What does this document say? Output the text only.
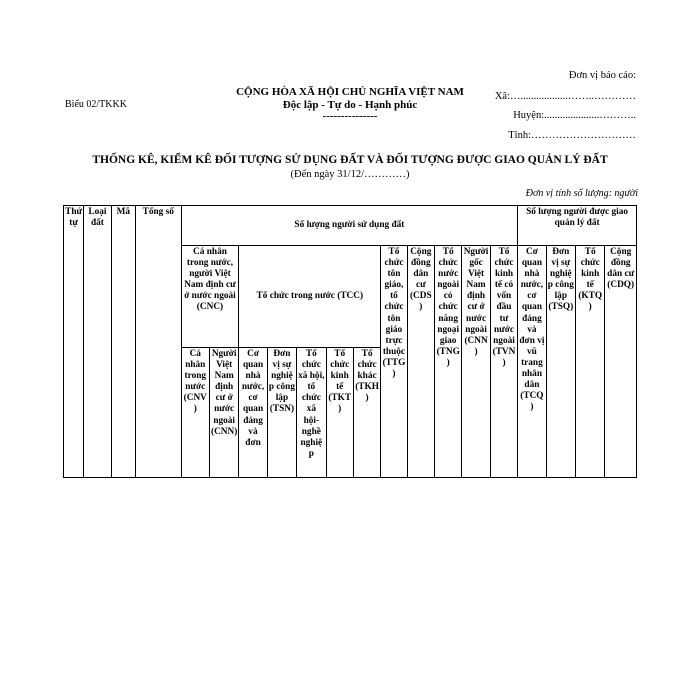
Biểu 02/TKKK
CỘNG HÒA XÃ HỘI CHỦ NGHĨA VIỆT NAM
Độc lập - Tự do - Hạnh phúc
---------------
Đơn vị báo cáo:
Xã:…..................……..…………
Huyện:.....................………..
Tỉnh:…………………………
THỐNG KÊ, KIỂM KÊ ĐỐI TƯỢNG SỬ DỤNG ĐẤT VÀ ĐỐI TƯỢNG ĐƯỢC GIAO QUẢN LÝ ĐẤT
(Đến ngày 31/12/…………)
Đơn vị tính số lượng: người
Thứ tự	Loại đất	Mã	Tổng số	Số lượng người sử dụng đất												Số lượng người được giao quản lý đất			
				Cá nhân trong nước, người Việt Nam định cư ở nước ngoài (CNC)		Tổ chức trong nước (TCC)					Tổ chức tôn giáo, tổ chức tôn giáo trực thuộc (TTG)	Cộng đồng dân cư (CDS)	Tổ chức nước ngoài có chức năng ngoại giao (TNG)	Người gốc Việt Nam định cư ở nước ngoài (CNN)	Tổ chức kinh tế có vốn đầu tư nước ngoài (TVN)	Cơ quan nhà nước, cơ quan đảng và đơn vị vũ trang nhân dân (TCQ)	Đơn vị sự nghiệp công lập (TSQ)	Tổ chức kinh tế (KTQ)	Cộng đồng dân cư (CDQ)
				Cá nhân trong nước (CNV)	Người Việt Nam định cư ở nước ngoài (CNN)	Cơ quan nhà nước, cơ quan đảng và đơn	Đơn vị sự nghiệp công lập (TSN)	Tổ chức xã hội, tổ chức xã hội-nghề nghiệp	Tổ chức kinh tế (TKT)	Tổ chức khác (TKH)									
